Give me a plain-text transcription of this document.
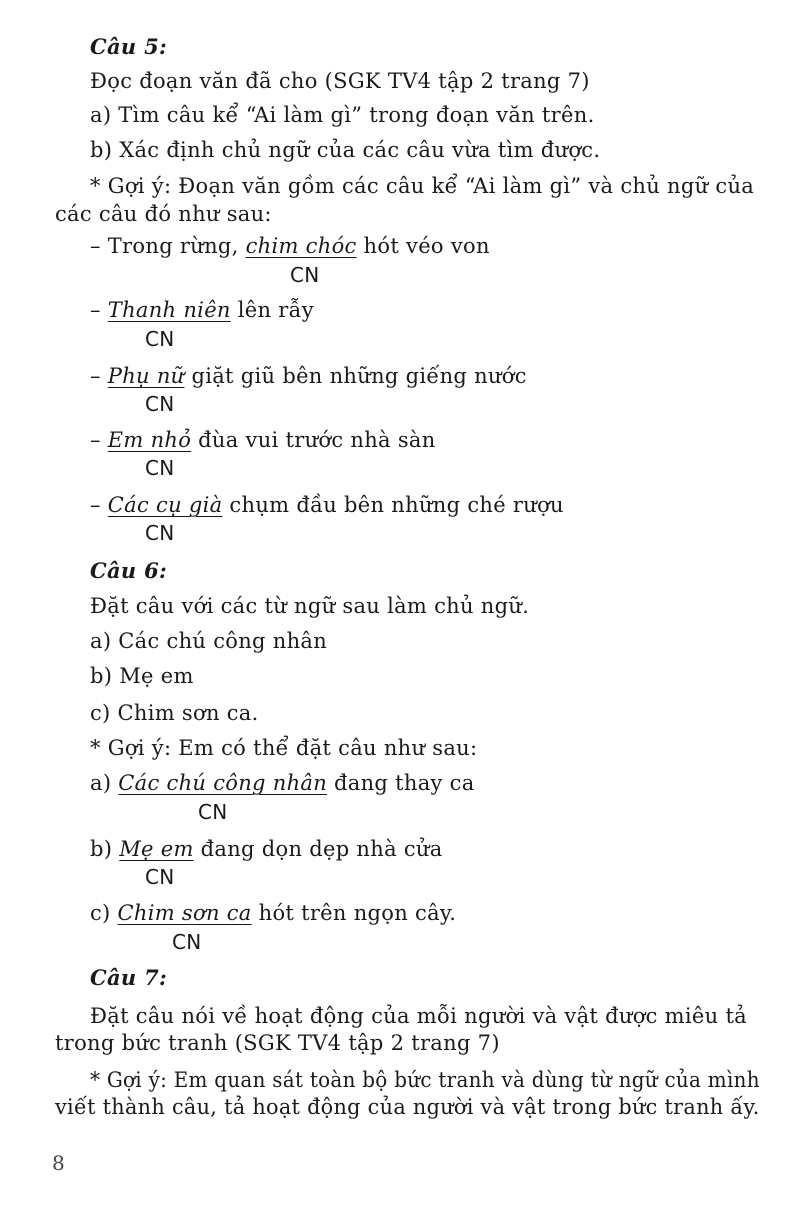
Câu 5:
Đọc đoạn văn đã cho (SGK TV4 tập 2 trang 7)
a) Tìm câu kể “Ai làm gì” trong đoạn văn trên.
b) Xác định chủ ngữ của các câu vừa tìm được.
* Gợi ý: Đoạn văn gồm các câu kể “Ai làm gì” và chủ ngữ của
các câu đó như sau:
– Trong rừng, chim chóc hót véo von
CN
– Thanh niên lên rẫy
CN
– Phụ nữ giặt giũ bên những giếng nước
CN
– Em nhỏ đùa vui trước nhà sàn
CN
– Các cụ già chụm đầu bên những ché rượu
CN
Câu 6:
Đặt câu với các từ ngữ sau làm chủ ngữ.
a) Các chú công nhân
b) Mẹ em
c) Chim sơn ca.
* Gợi ý: Em có thể đặt câu như sau:
a) Các chú công nhân đang thay ca
CN
b) Mẹ em đang dọn dẹp nhà cửa
CN
c) Chim sơn ca hót trên ngọn cây.
CN
Câu 7:
Đặt câu nói về hoạt động của mỗi người và vật được miêu tả
trong bức tranh (SGK TV4 tập 2 trang 7)
* Gợi ý: Em quan sát toàn bộ bức tranh và dùng từ ngữ của mình
viết thành câu, tả hoạt động của người và vật trong bức tranh ấy.
8
